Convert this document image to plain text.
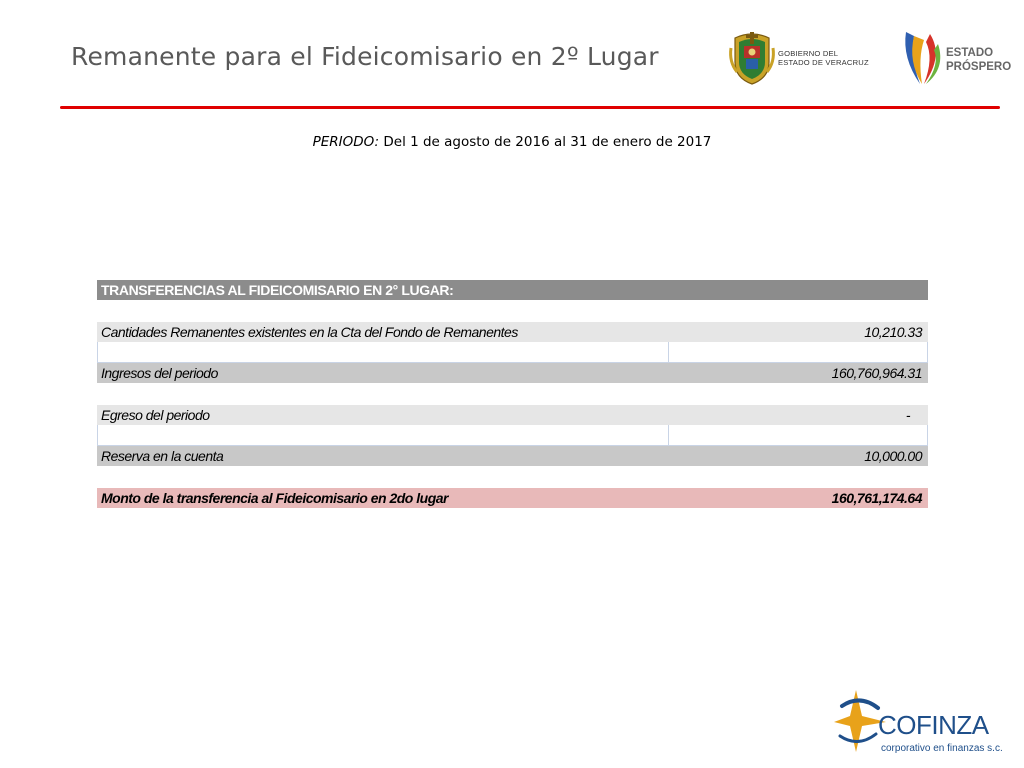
Remanente para el Fideicomisario en 2º Lugar	GOBIERNO DEL
ESTADO DE VERACRUZ
ESTADO
PRÓSPERO
PERIODO: Del 1 de agosto de 2016 al 31 de enero de 2017
TRANSFERENCIAS AL FIDEICOMISARIO EN 2° LUGAR:
Cantidades Remanentes existentes en la Cta del Fondo de Remanentes	10,210.33
Ingresos del periodo	160,760,964.31
Egreso del periodo	-
Reserva en la cuenta	10,000.00
Monto de la transferencia al Fideicomisario en 2do lugar	160,761,174.64
COFINZA
corporativo en finanzas s.c.
